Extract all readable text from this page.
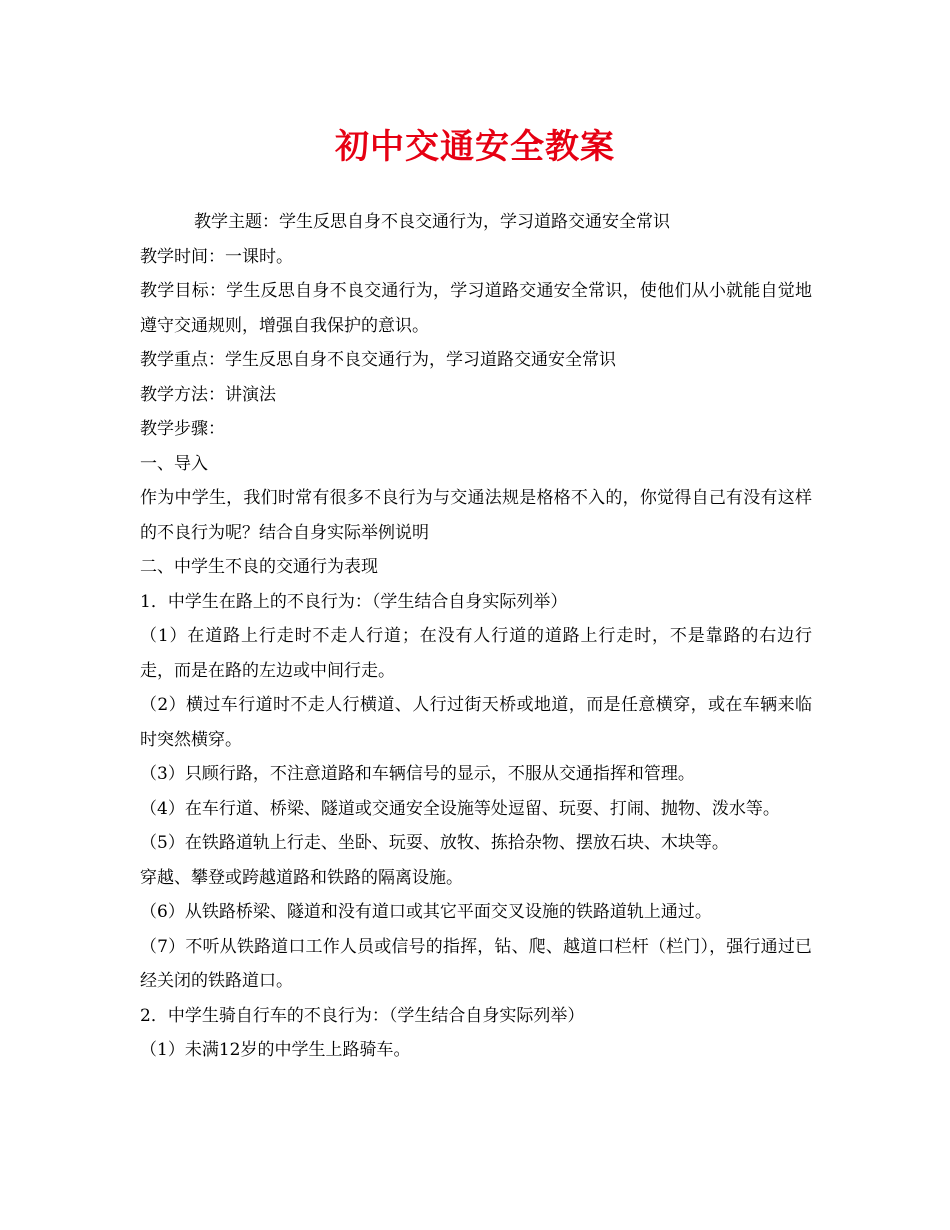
初中交通安全教案

教学主题：学生反思自身不良交通行为，学习道路交通安全常识

教学时间：一课时。

教学目标：学生反思自身不良交通行为，学习道路交通安全常识，使他们从小就能自觉地遵守交通规则，增强自我保护的意识。

教学重点：学生反思自身不良交通行为，学习道路交通安全常识

教学方法：讲演法

教学步骤：

一、导入

作为中学生，我们时常有很多不良行为与交通法规是格格不入的，你觉得自己有没有这样的不良行为呢？结合自身实际举例说明

二、中学生不良的交通行为表现

1．中学生在路上的不良行为：（学生结合自身实际列举）

（1）在道路上行走时不走人行道；在没有人行道的道路上行走时，不是靠路的右边行走，而是在路的左边或中间行走。

（2）横过车行道时不走人行横道、人行过街天桥或地道，而是任意横穿，或在车辆来临时突然横穿。

（3）只顾行路，不注意道路和车辆信号的显示，不服从交通指挥和管理。

（4）在车行道、桥梁、隧道或交通安全设施等处逗留、玩耍、打闹、抛物、泼水等。

（5）在铁路道轨上行走、坐卧、玩耍、放牧、拣拾杂物、摆放石块、木块等。

穿越、攀登或跨越道路和铁路的隔离设施。

（6）从铁路桥梁、隧道和没有道口或其它平面交叉设施的铁路道轨上通过。

（7）不听从铁路道口工作人员或信号的指挥，钻、爬、越道口栏杆（栏门），强行通过已经关闭的铁路道口。

2．中学生骑自行车的不良行为：（学生结合自身实际列举）

（1）未满12岁的中学生上路骑车。
